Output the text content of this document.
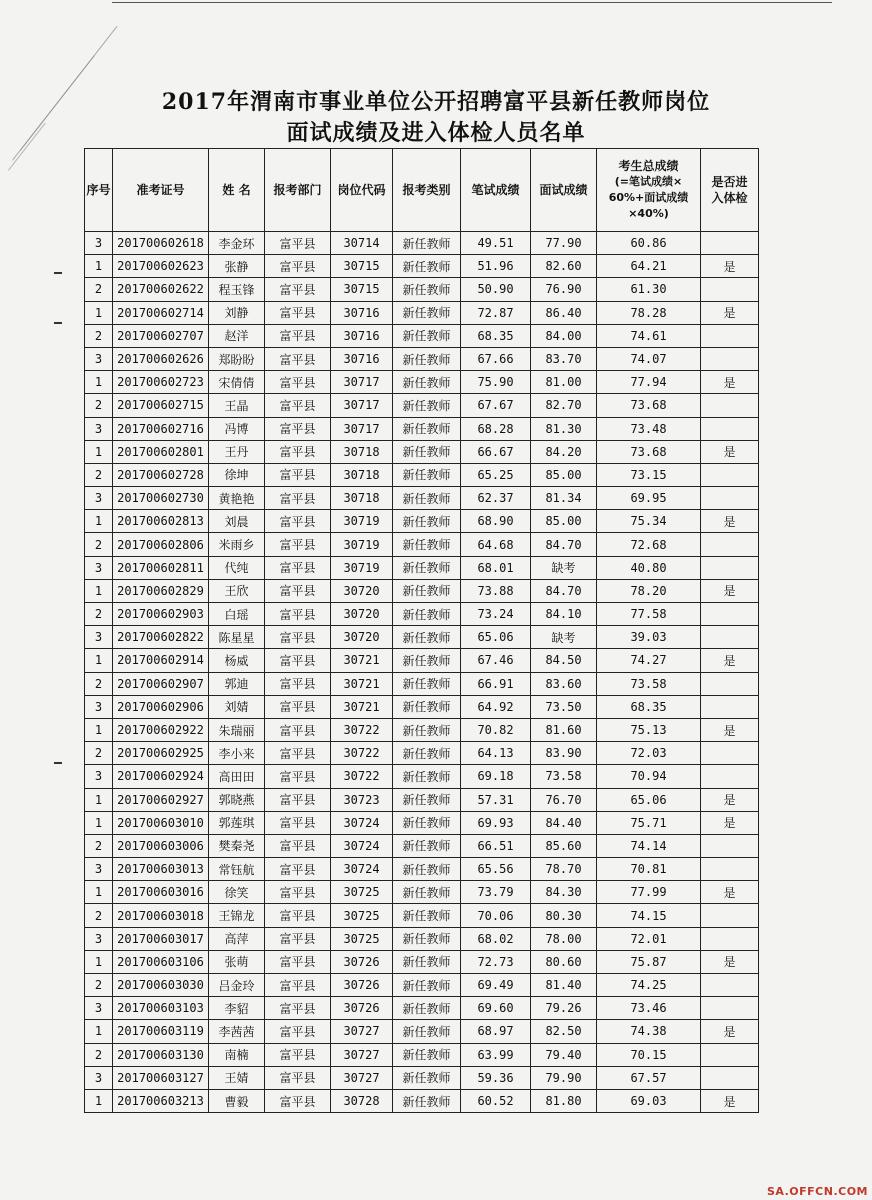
2017年渭南市事业单位公开招聘富平县新任教师岗位
面试成绩及进入体检人员名单
序号	准考证号	姓 名	报考部门	岗位代码	报考类别	笔试成绩	面试成绩	考生总成绩
(=笔试成绩×
60%+面试成绩
×40%)	是否进入体检
3	201700602618	李金环	富平县	30714	新任教师	49.51	77.90	60.86	
1	201700602623	张静	富平县	30715	新任教师	51.96	82.60	64.21	是
2	201700602622	程玉锋	富平县	30715	新任教师	50.90	76.90	61.30	
1	201700602714	刘静	富平县	30716	新任教师	72.87	86.40	78.28	是
2	201700602707	赵洋	富平县	30716	新任教师	68.35	84.00	74.61	
3	201700602626	郑盼盼	富平县	30716	新任教师	67.66	83.70	74.07	
1	201700602723	宋倩倩	富平县	30717	新任教师	75.90	81.00	77.94	是
2	201700602715	王晶	富平县	30717	新任教师	67.67	82.70	73.68	
3	201700602716	冯博	富平县	30717	新任教师	68.28	81.30	73.48	
1	201700602801	王丹	富平县	30718	新任教师	66.67	84.20	73.68	是
2	201700602728	徐坤	富平县	30718	新任教师	65.25	85.00	73.15	
3	201700602730	黄艳艳	富平县	30718	新任教师	62.37	81.34	69.95	
1	201700602813	刘晨	富平县	30719	新任教师	68.90	85.00	75.34	是
2	201700602806	米雨乡	富平县	30719	新任教师	64.68	84.70	72.68	
3	201700602811	代纯	富平县	30719	新任教师	68.01	缺考	40.80	
1	201700602829	王欣	富平县	30720	新任教师	73.88	84.70	78.20	是
2	201700602903	白瑶	富平县	30720	新任教师	73.24	84.10	77.58	
3	201700602822	陈星星	富平县	30720	新任教师	65.06	缺考	39.03	
1	201700602914	杨威	富平县	30721	新任教师	67.46	84.50	74.27	是
2	201700602907	郭迪	富平县	30721	新任教师	66.91	83.60	73.58	
3	201700602906	刘婧	富平县	30721	新任教师	64.92	73.50	68.35	
1	201700602922	朱瑞丽	富平县	30722	新任教师	70.82	81.60	75.13	是
2	201700602925	李小来	富平县	30722	新任教师	64.13	83.90	72.03	
3	201700602924	高田田	富平县	30722	新任教师	69.18	73.58	70.94	
1	201700602927	郭晓燕	富平县	30723	新任教师	57.31	76.70	65.06	是
1	201700603010	郭莲琪	富平县	30724	新任教师	69.93	84.40	75.71	是
2	201700603006	樊秦尧	富平县	30724	新任教师	66.51	85.60	74.14	
3	201700603013	常钰航	富平县	30724	新任教师	65.56	78.70	70.81	
1	201700603016	徐笑	富平县	30725	新任教师	73.79	84.30	77.99	是
2	201700603018	王锦龙	富平县	30725	新任教师	70.06	80.30	74.15	
3	201700603017	高萍	富平县	30725	新任教师	68.02	78.00	72.01	
1	201700603106	张萌	富平县	30726	新任教师	72.73	80.60	75.87	是
2	201700603030	吕金玲	富平县	30726	新任教师	69.49	81.40	74.25	
3	201700603103	李貂	富平县	30726	新任教师	69.60	79.26	73.46	
1	201700603119	李茜茜	富平县	30727	新任教师	68.97	82.50	74.38	是
2	201700603130	南楠	富平县	30727	新任教师	63.99	79.40	70.15	
3	201700603127	王婧	富平县	30727	新任教师	59.36	79.90	67.57	
1	201700603213	曹毅	富平县	30728	新任教师	60.52	81.80	69.03	是
SA.OFFCN.COM
